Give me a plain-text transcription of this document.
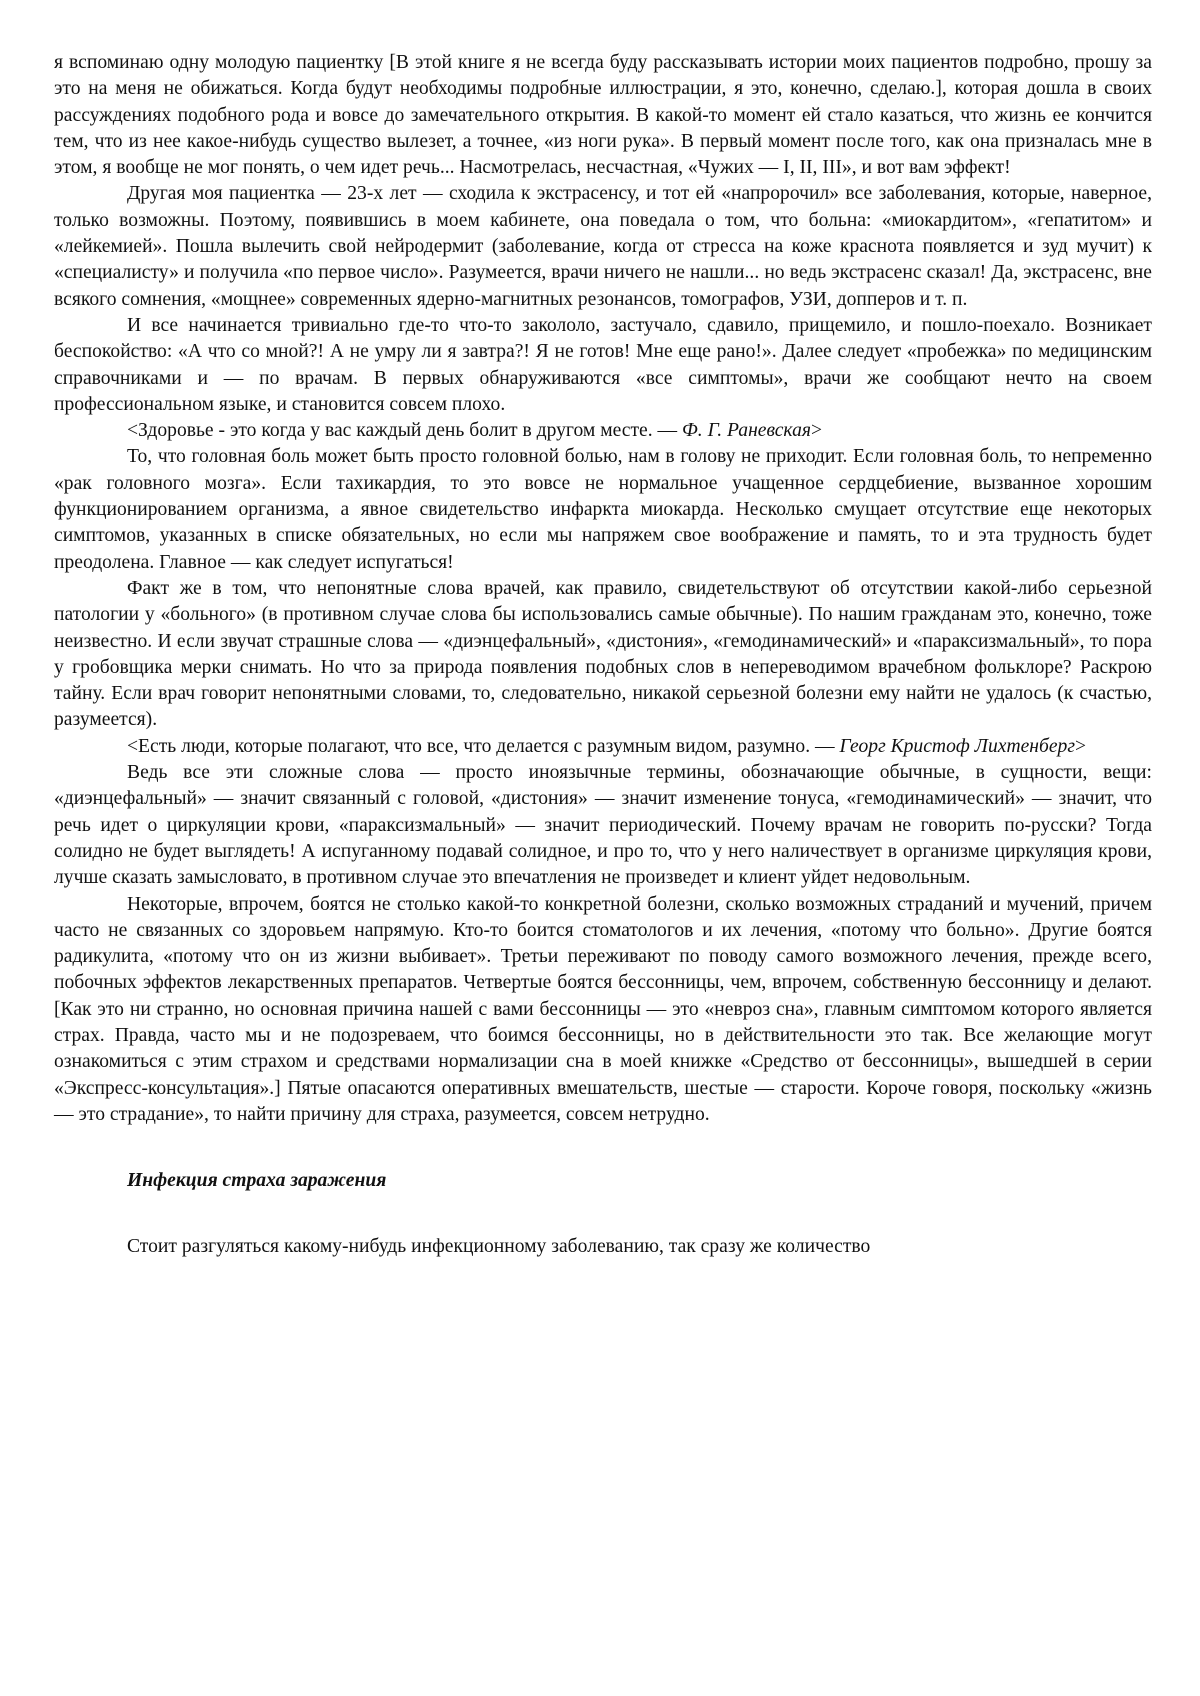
я вспоминаю одну молодую пациентку [В этой книге я не всегда буду рассказывать истории моих пациентов подробно, прошу за это на меня не обижаться. Когда будут необходимы подробные иллюстрации, я это, конечно, сделаю.], которая дошла в своих рассуждениях подобного рода и вовсе до замечательного открытия. В какой-то момент ей стало казаться, что жизнь ее кончится тем, что из нее какое-нибудь существо вылезет, а точнее, «из ноги рука». В первый момент после того, как она призналась мне в этом, я вообще не мог понять, о чем идет речь... Насмотрелась, несчастная, «Чужих — I, II, III», и вот вам эффект!

Другая моя пациентка — 23-х лет — сходила к экстрасенсу, и тот ей «напророчил» все заболевания, которые, наверное, только возможны. Поэтому, появившись в моем кабинете, она поведала о том, что больна: «миокардитом», «гепатитом» и «лейкемией». Пошла вылечить свой нейродермит (заболевание, когда от стресса на коже краснота появляется и зуд мучит) к «специалисту» и получила «по первое число». Разумеется, врачи ничего не нашли... но ведь экстрасенс сказал! Да, экстрасенс, вне всякого сомнения, «мощнее» современных ядерно-магнитных резонансов, томографов, УЗИ, допперов и т. п.

И все начинается тривиально где-то что-то закололо, застучало, сдавило, прищемило, и пошло-поехало. Возникает беспокойство: «А что со мной?! А не умру ли я завтра?! Я не готов! Мне еще рано!». Далее следует «пробежка» по медицинским справочниками и — по врачам. В первых обнаруживаются «все симптомы», врачи же сообщают нечто на своем профессиональном языке, и становится совсем плохо.

<Здоровье - это когда у вас каждый день болит в другом месте. — Ф. Г. Раневская>

То, что головная боль может быть просто головной болью, нам в голову не приходит. Если головная боль, то непременно «рак головного мозга». Если тахикардия, то это вовсе не нормальное учащенное сердцебиение, вызванное хорошим функционированием организма, а явное свидетельство инфаркта миокарда. Несколько смущает отсутствие еще некоторых симптомов, указанных в списке обязательных, но если мы напряжем свое воображение и память, то и эта трудность будет преодолена. Главное — как следует испугаться!

Факт же в том, что непонятные слова врачей, как правило, свидетельствуют об отсутствии какой-либо серьезной патологии у «больного» (в противном случае слова бы использовались самые обычные). По нашим гражданам это, конечно, тоже неизвестно. И если звучат страшные слова — «диэнцефальный», «дистония», «гемодинамический» и «параксизмальный», то пора у гробовщика мерки снимать. Но что за природа появления подобных слов в непереводимом врачебном фольклоре? Раскрою тайну. Если врач говорит непонятными словами, то, следовательно, никакой серьезной болезни ему найти не удалось (к счастью, разумеется).

<Есть люди, которые полагают, что все, что делается с разумным видом, разумно. — Георг Кристоф Лихтенберг>

Ведь все эти сложные слова — просто иноязычные термины, обозначающие обычные, в сущности, вещи: «диэнцефальный» — значит связанный с головой, «дистония» — значит изменение тонуса, «гемодинамический» — значит, что речь идет о циркуляции крови, «параксизмальный» — значит периодический. Почему врачам не говорить по-русски? Тогда солидно не будет выглядеть! А испуганному подавай солидное, и про то, что у него наличествует в организме циркуляция крови, лучше сказать замысловато, в противном случае это впечатления не произведет и клиент уйдет недовольным.

Некоторые, впрочем, боятся не столько какой-то конкретной болезни, сколько возможных страданий и мучений, причем часто не связанных со здоровьем напрямую. Кто-то боится стоматологов и их лечения, «потому что больно». Другие боятся радикулита, «потому что он из жизни выбивает». Третьи переживают по поводу самого возможного лечения, прежде всего, побочных эффектов лекарственных препаратов. Четвертые боятся бессонницы, чем, впрочем, собственную бессонницу и делают. [Как это ни странно, но основная причина нашей с вами бессонницы — это «невроз сна», главным симптомом которого является страх. Правда, часто мы и не подозреваем, что боимся бессонницы, но в действительности это так. Все желающие могут ознакомиться с этим страхом и средствами нормализации сна в моей книжке «Средство от бессонницы», вышедшей в серии «Экспресс-консультация».] Пятые опасаются оперативных вмешательств, шестые — старости. Короче говоря, поскольку «жизнь — это страдание», то найти причину для страха, разумеется, совсем нетрудно.

Инфекция страха заражения

Стоит разгуляться какому-нибудь инфекционному заболеванию, так сразу же количество
